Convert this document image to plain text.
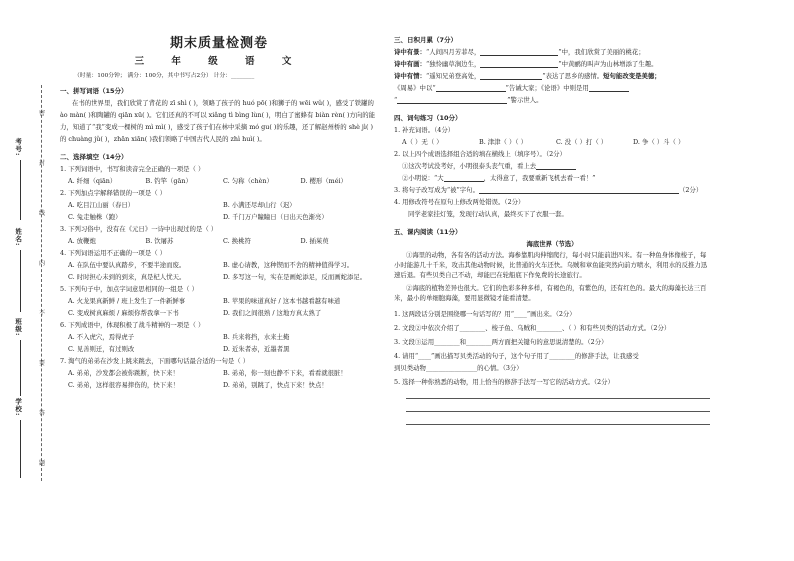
考号:
姓名:
班级:
学校:
密
封
线
内
不
要
答
题
期末质量检测卷
三 年 级 语 文
（时量：100分钟； 满分：100分，其中书写占2分） 计分：________
一、拼写词语（15分）
在书的世界里，我们欣赏了背花的 zī shì ( )，领略了孩子的 huó pō( )和狮子的 wēi wǔ( )，感受了铁罐的 ào màn( )和陶罐的 qiān xū( )。它们还真的不可以 xiǎng tì bìng lùn( )，明白了蜜蜂有 biàn rèn( )方向的能力，知道了“我”变成一棵树的 mì mì( )，感受了孩子们在林中采摘 mó gu( )的乐趣，还了解赵州桥的 shè jì( )的 chuàng jǔ( )，zhān xiān( )我们领略了中国古代人民的 zhì huì( )。
二、选择填空（14分）
1. 下列词语中，书写和读音完全正确的一项是（ ）
A. 纤细（qiān）	B. 钓竿（gān）	C. 匀称（chèn）	D. 樱形（méi）
2. 下列加点字解释错误的一项是（ ）
A. 吃目江山丽（春日）	B. 小满还尽却山行（迟）
C. 兔走触株（跑）	D. 千门万户瞳瞳日（日出天色渐亮）
3. 下列习俗中，没有在《元日》一诗中出现过的是（ ）
A. 放鞭炮	B. 饮屠苏	C. 换桃符	D. 插茱萸
4. 下列词语运用不正确的一项是（ ）
A. 在队伍中要认真踏步，不要半途而废。	B. 虚心请教，这种锲而不舍的精神值得学习。
C. 时时担心未到的到来，真是杞人忧天。	D. 多写这一句，实在是画蛇添足，反而画蛇添足。
5. 下列句子中，加点字词意思相同的一组是（ ）
A. 火龙果真新鲜 / 班上发生了一件新鲜事	B. 苹果的味道真好 / 这本书越看越有味道
C. 变成树真麻烦 / 麻烦你帮我拿一下书	D. 我们之间很熟 / 这地方真太熟了
6. 下列成语中，体现积极了战斗精神的一项是（ ）
A. 不入虎穴，焉得虎子	B. 兵来将挡，水来土掩
C. 见善则迁，有过则改	D. 近朱者赤，近墨者黑
7. 淘气的弟弟在沙发上跳来跳去，下面哪句话最合适的一句是（ ）
A. 弟弟，沙发都会被你跳断，快下来！	B. 弟弟，你一刻也静不下来，看看就很脏！
C. 弟弟，这样很容易摔伤的，快下来！	D. 弟弟，别跳了，快点下来！快点！
三、日积月累（7分）
诗中有景：“人间四月芳菲尽，	”中，我们欣赏了美丽的桃花；
诗中有画：“独怜幽草涧边生，	”中黄鹂的叫声为山林增添了生趣。
诗中有情：“遥知兄弟登高处，	”表达了思乡的感情。短句能改变是美德；
《周易》中以“	”告诫大家；《论语》中则是用
“	”警示世人。
四、词句练习（10分）
1. 补充词语。（4分）
A（ ）无（ ）	B. 津津（ ）（ ）	C. 没（ ）打（ ）	D. 争（ ）斗（ ）
2. 以上四个成语选择组合适的填在横线上（填序号）。（2分）
①这次考试没考好，小明很泰头丧气重，看上去
②小明说：“大	，太得意了，我要重新飞机去看一看！”
3. 将句子改写成为“被”字句。	（2分）
4. 用修改符号在原句上修改两处错误。（2分）
同学老家挂灯笼，发现行动认真，最终买下了衣服一套。
五、课内阅读（11分）
海底世界（节选）
①海里的动物，各有各的活动方法。海参靠肌肉伸缩爬行，每小时只能前进四米。有一种鱼身体像梭子，每小时能游几十千米，攻击其他动物时候，比普通的火车还快。乌贼和章鱼能突然向前方喷水，利用水的反推力迅速后退。有些贝类自己不动，却能巴在轮船底下作免费的长途旅行。
②海底的植物差异也很大。它们的色彩多种多样，有褐色的，有紫色的，还有红色的。最大的海藻长达三百米，最小的单细胞海藻，要用显微镜才能看清楚。
1. 这两段话分别是围绕哪一句话写的？用“____”画出来。（2分）
2. 文段②中依次介绍了________、梭子鱼、乌贼和________、（ ）和有些贝类的活动方式。（2分）
3. 文段③运用________和________两方面把关键句的意思说清楚的。（2分）
4. 请用“____”画出描写贝类活动的句子，这个句子用了________的修辞手法，让我感受
到贝类动物________________的心情。（3分）
5. 选择一种你熟悉的动物，用上恰当的修辞手法写一写它的活动方式。（2分）
